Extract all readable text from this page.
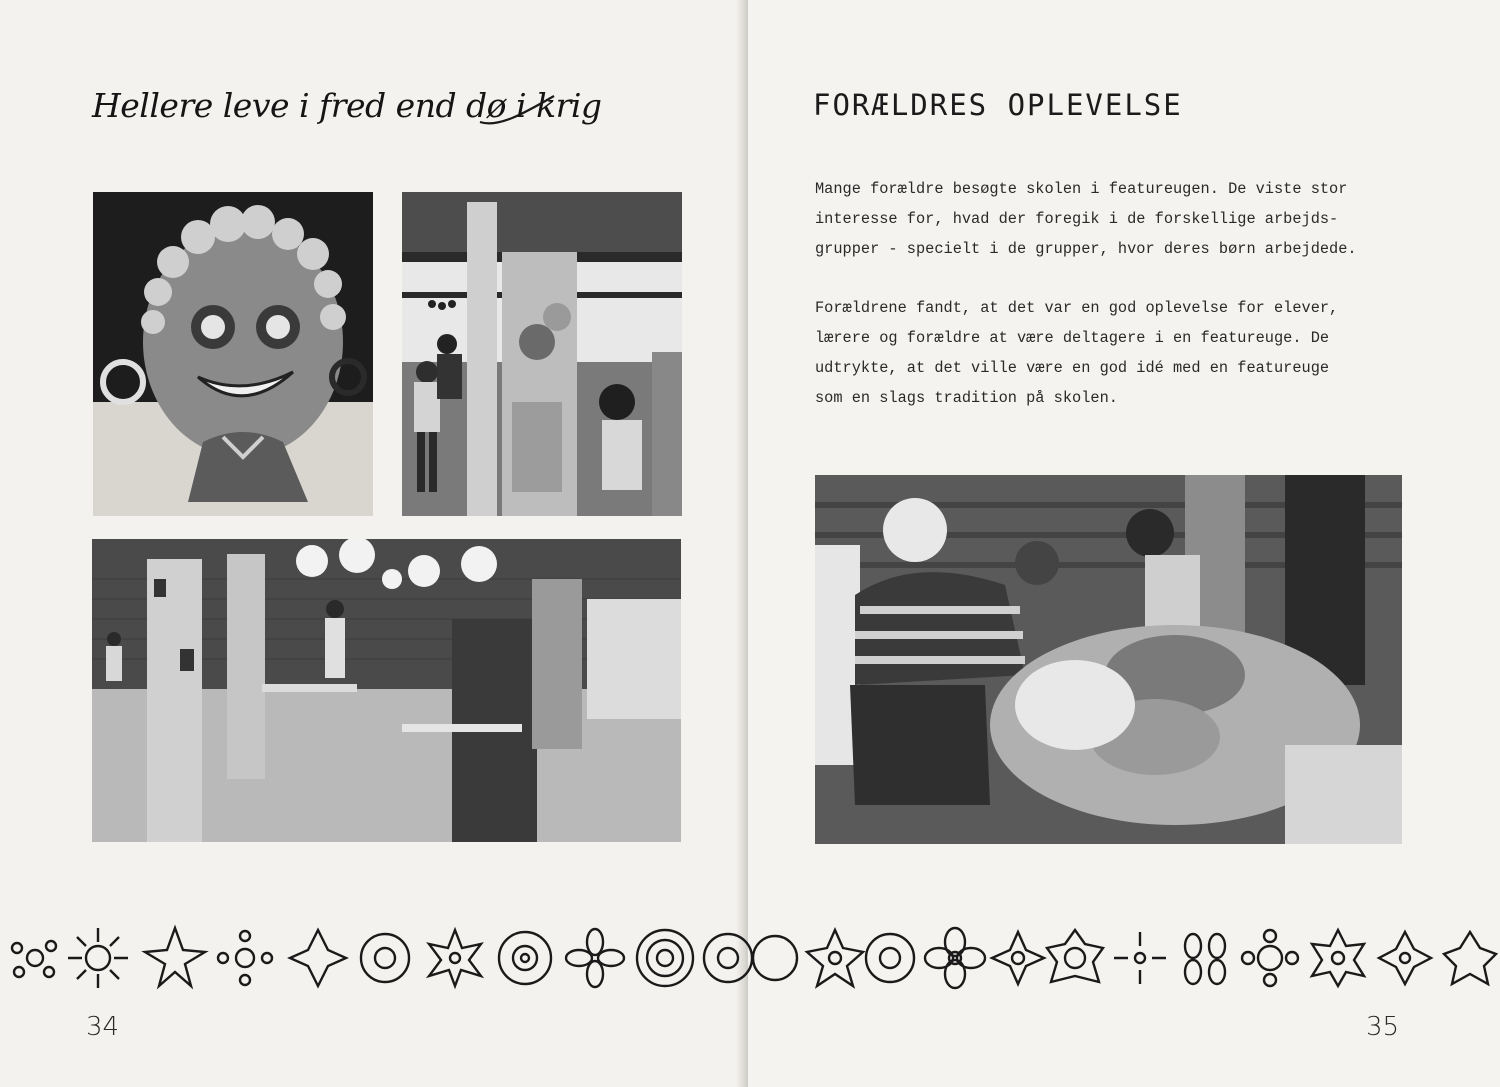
Hellere leve i fred end dø i krig
34
FORÆLDRES OPLEVELSE
Mange forældre besøgte skolen i featureugen. De viste stor
interesse for, hvad der foregik i de forskellige arbejds-
grupper - specielt i de grupper, hvor deres børn arbejdede.
Forældrene fandt, at det var en god oplevelse for elever,
lærere og forældre at være deltagere i en featureuge. De
udtrykte, at det ville være en god idé med en featureuge
som en slags tradition på skolen.
35
